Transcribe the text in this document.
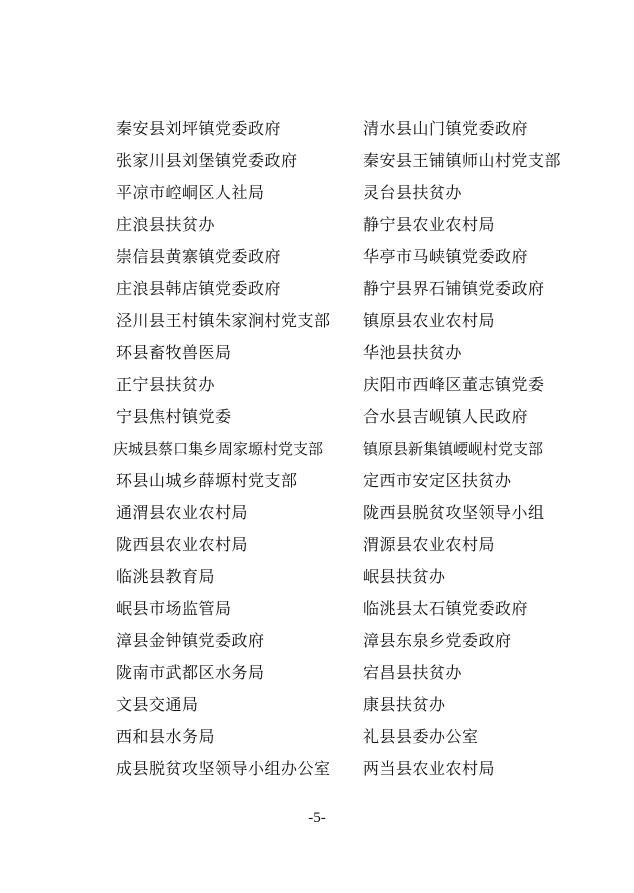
秦安县刘坪镇党委政府	清水县山门镇党委政府
张家川县刘堡镇党委政府	秦安县王铺镇师山村党支部
平凉市崆峒区人社局	灵台县扶贫办
庄浪县扶贫办	静宁县农业农村局
崇信县黄寨镇党委政府	华亭市马峡镇党委政府
庄浪县韩店镇党委政府	静宁县界石铺镇党委政府
泾川县王村镇朱家涧村党支部 镇原县农业农村局
环县畜牧兽医局	华池县扶贫办
正宁县扶贫办	庆阳市西峰区董志镇党委
宁县焦村镇党委	合水县吉岘镇人民政府
庆城县蔡口集乡周家塬村党支部	镇原县新集镇崾岘村党支部
环县山城乡薛塬村党支部	定西市安定区扶贫办
通渭县农业农村局	陇西县脱贫攻坚领导小组
陇西县农业农村局	渭源县农业农村局
临洮县教育局	岷县扶贫办
岷县市场监管局	临洮县太石镇党委政府
漳县金钟镇党委政府	漳县东泉乡党委政府
陇南市武都区水务局	宕昌县扶贫办
文县交通局	康县扶贫办
西和县水务局	礼县县委办公室
成县脱贫攻坚领导小组办公室 两当县农业农村局
-5-
